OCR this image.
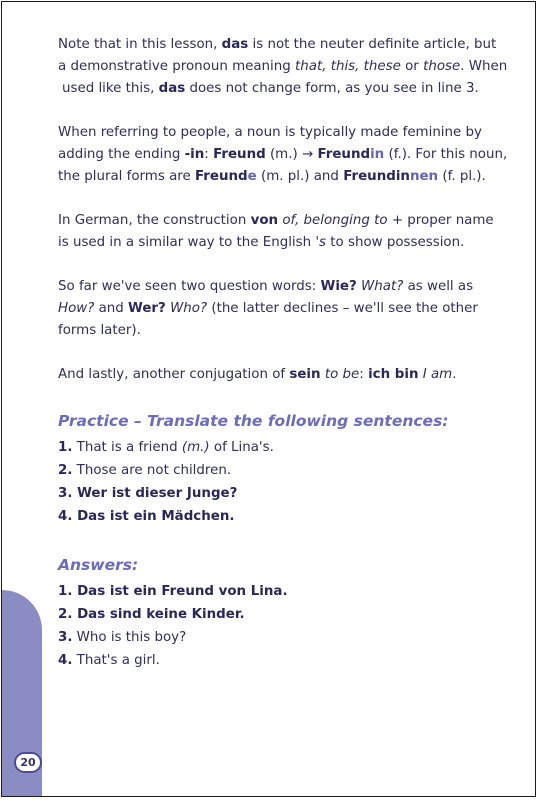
20

Note that in this lesson, das is not the neuter definite article, but
a demonstrative pronoun meaning that, this, these or those. When
used like this, das does not change form, as you see in line 3.

When referring to people, a noun is typically made feminine by
adding the ending -in: Freund (m.) → Freundin (f.). For this noun,
the plural forms are Freunde (m. pl.) and Freundinnen (f. pl.).

In German, the construction von of, belonging to + proper name
is used in a similar way to the English 's to show possession.

So far we've seen two question words: Wie? What? as well as
How? and Wer? Who? (the latter declines – we'll see the other
forms later).

And lastly, another conjugation of sein to be: ich bin I am.

Practice – Translate the following sentences:
1. That is a friend (m.) of Lina's.
2. Those are not children.
3. Wer ist dieser Junge?
4. Das ist ein Mädchen.
Answers:
1. Das ist ein Freund von Lina.
2. Das sind keine Kinder.
3. Who is this boy?
4. That's a girl.
